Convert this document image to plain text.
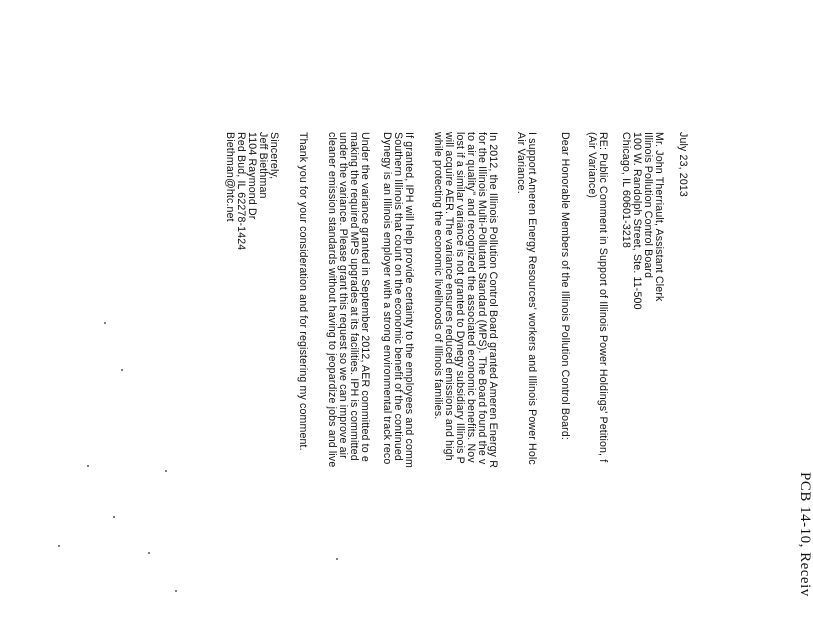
PCB 14-10, Receiv
July 23, 2013
Mr. John Therriault, Assistant Clerk
Illinois Pollution Control Board
100 W. Randolph Street, Ste. 11-500
Chicago, IL 60601-3218
RE: Public Comment in Support of Illinois Power Holdings' Petition, f
(Air Variance)
Dear Honorable Members of the Illinois Pollution Control Board:
I support Ameren Energy Resources' workers and Illinois Power Holc
Air Variance.
In 2012, the Illinois Pollution Control Board granted Ameren Energy R
for the Illinois Multi-Pollutant Standard (MPS). The Board found the v
to air quality" and recognized the associated economic benefits. Nov
lost if a similar variance is not granted to Dynegy subsidiary Illinois P
will acquire AER. The variance ensures reduced emissions and high
while protecting the economic livelihoods of Illinois families.
If granted, IPH will help provide certainty to the employees and comm
Southern Illinois that count on the economic benefit of the continued
Dynegy is an Illinois employer with a strong environmental track reco
Under the variance granted in September 2012, AER committed to e
making the required MPS upgrades at its facilities. IPH is committed
under the variance. Please grant this request so we can improve air
cleaner emission standards without having to jeopardize jobs and live
Thank you for your consideration and for registering my comment.
Sincerely,
Jeff Biethman
1104 Raymond Dr
Red Bud, IL 62278-1424
Biethman@htc.net
